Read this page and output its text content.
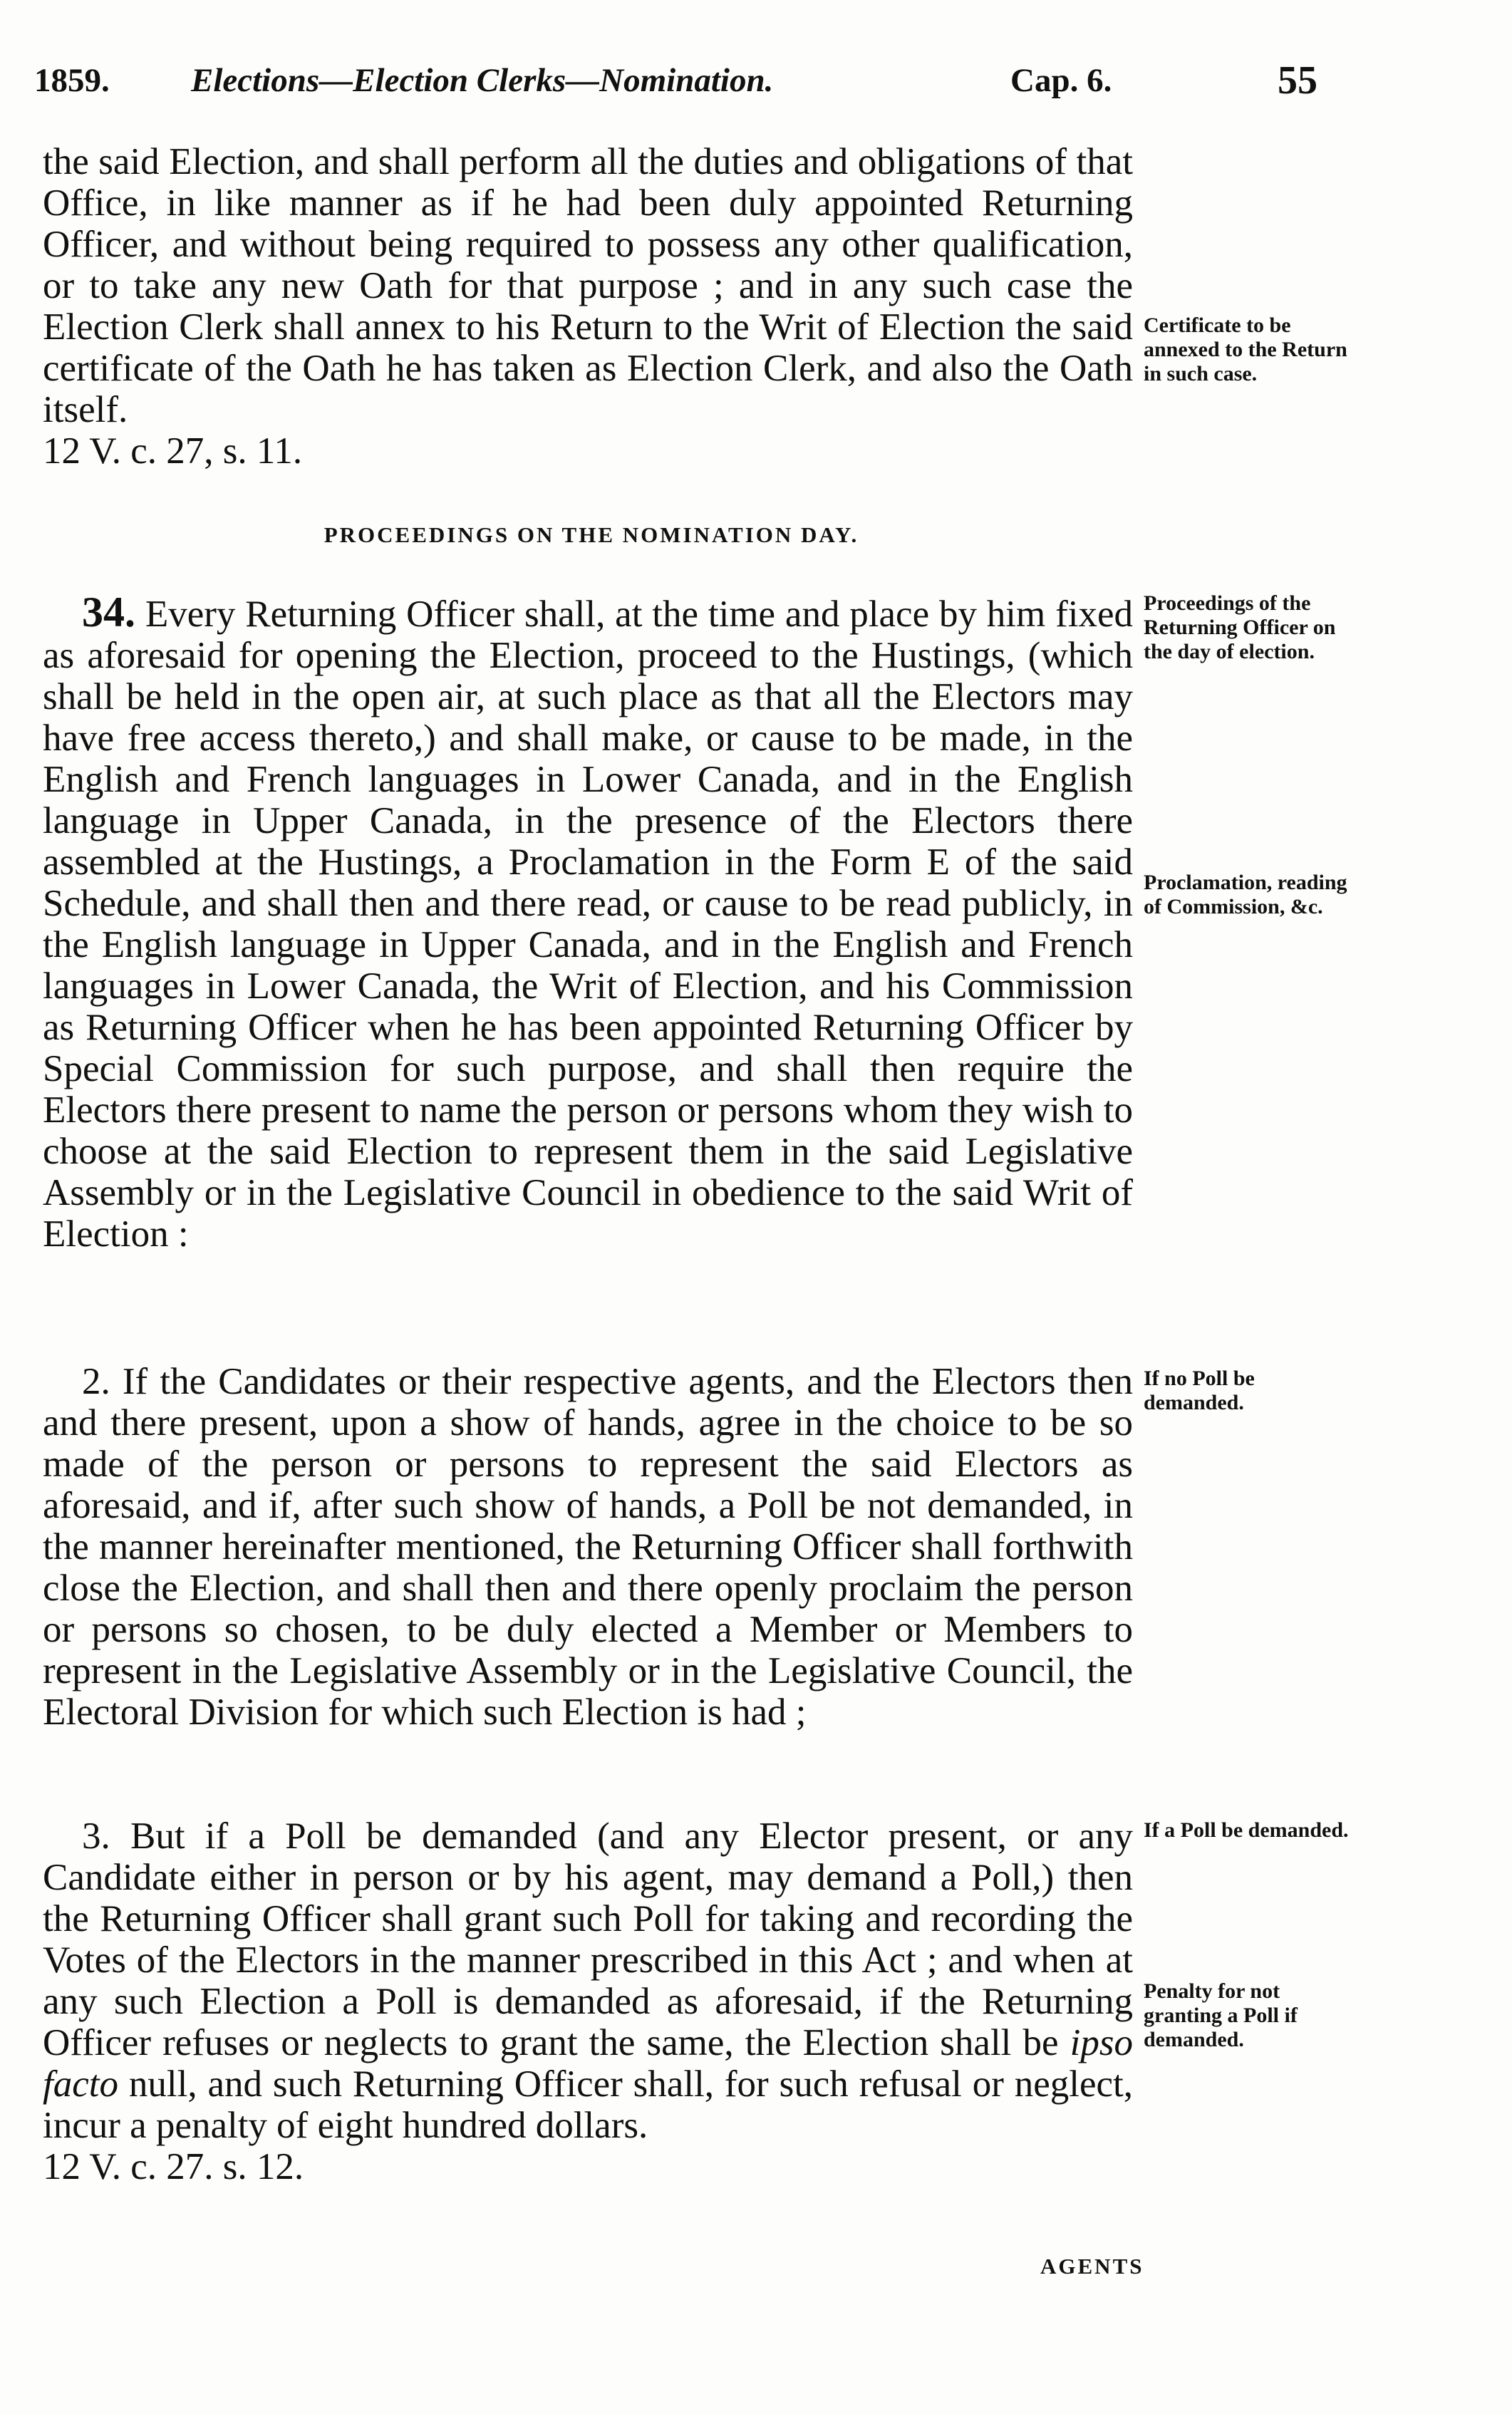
1859. Elections—Election Clerks—Nomination.	Cap. 6.	55

the said Election, and shall perform all the duties and obligations of that Office, in like manner as if he had been duly appointed Returning Officer, and without being required to possess any other qualification, or to take any new Oath for that purpose ; and in any such case the Election Clerk shall annex to his Return to the Writ of Election the said certificate of the Oath he has taken as Election Clerk, and also the Oath itself.

12 V. c. 27, s. 11.

PROCEEDINGS ON THE NOMINATION DAY.

34. Every Returning Officer shall, at the time and place by him fixed as aforesaid for opening the Election, proceed to the Hustings, (which shall be held in the open air, at such place as that all the Electors may have free access thereto,) and shall make, or cause to be made, in the English and French languages in Lower Canada, and in the English language in Upper Canada, in the presence of the Electors there assembled at the Hustings, a Proclamation in the Form E of the said Schedule, and shall then and there read, or cause to be read publicly, in the English language in Upper Canada, and in the English and French languages in Lower Canada, the Writ of Election, and his Commission as Returning Officer when he has been appointed Returning Officer by Special Commission for such purpose, and shall then require the Electors there present to name the person or persons whom they wish to choose at the said Election to represent them in the said Legislative Assembly or in the Legislative Council in obedience to the said Writ of Election :

2. If the Candidates or their respective agents, and the Electors then and there present, upon a show of hands, agree in the choice to be so made of the person or persons to represent the said Electors as aforesaid, and if, after such show of hands, a Poll be not demanded, in the manner hereinafter mentioned, the Returning Officer shall forthwith close the Election, and shall then and there openly proclaim the person or persons so chosen, to be duly elected a Member or Members to represent in the Legislative Assembly or in the Legislative Council, the Electoral Division for which such Election is had ;

3. But if a Poll be demanded (and any Elector present, or any Candidate either in person or by his agent, may demand a Poll,) then the Returning Officer shall grant such Poll for taking and recording the Votes of the Electors in the manner prescribed in this Act ; and when at any such Election a Poll is demanded as aforesaid, if the Returning Officer refuses or neglects to grant the same, the Election shall be ipso facto null, and such Returning Officer shall, for such refusal or neglect, incur a penalty of eight hundred dollars.

12 V. c. 27. s. 12.

Certificate to be annexed to the Return in such case.
Proceedings of the Returning Officer on the day of election.
Proclamation, reading of Commission, &c.
If no Poll be demanded.
If a Poll be demanded.
Penalty for not granting a Poll if demanded.
AGENTS
